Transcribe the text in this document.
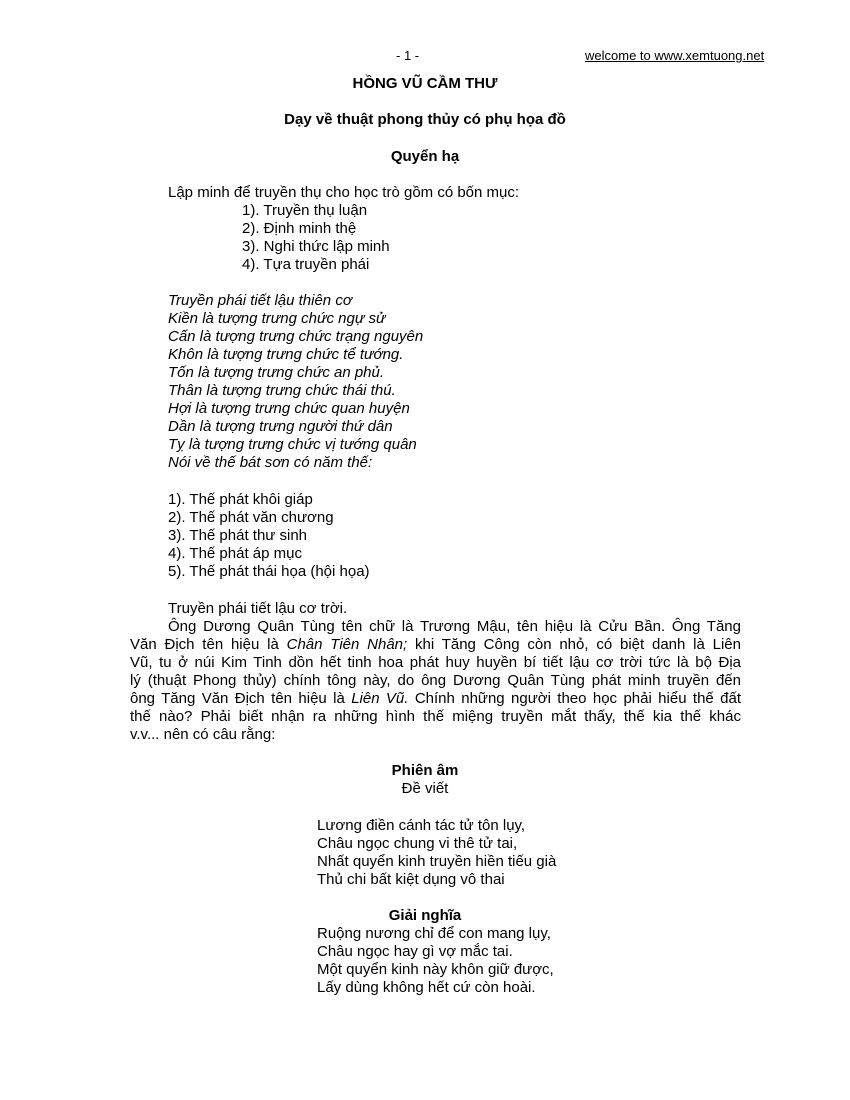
- 1 -	welcome to www.xemtuong.net
HỒNG VŨ CẦM THƯ
Dạy về thuật phong thủy có phụ họa đồ
Quyển hạ
Lập minh để truyền thụ cho học trò gồm có bốn mục:

1). Truyền thụ luận

2). Định minh thệ

3). Nghi thức lập minh

4). Tựa truyền phái

Truyền phái tiết lậu thiên cơ

Kiền là tượng trưng chức ngự sử

Cấn là tượng trưng chức trạng nguyên

Khôn là tượng trưng chức tể tướng.

Tốn là tượng trưng chức an phủ.

Thân là tượng trưng chức thái thú.

Hợi là tượng trưng chức quan huyện

Dần là tượng trưng người thứ dân

Tỵ là tượng trưng chức vị tướng quân

Nói về thế bát sơn có năm thế:

1). Thế phát khôi giáp

2). Thế phát văn chương

3). Thế phát thư sinh

4). Thế phát áp mục

5). Thế phát thái họa (hội họa)

Truyền phái tiết lậu cơ trời.
Ông Dương Quân Tùng tên chữ là Trương Mậu, tên hiệu là Cửu Bần. Ông Tăng
Văn Địch tên hiệu là Chân Tiên Nhân; khi Tăng Công còn nhỏ, có biệt danh là Liên
Vũ, tu ở núi Kim Tinh dồn hết tinh hoa phát huy huyền bí tiết lậu cơ trời tức là bộ Địa
lý (thuật Phong thủy) chính tông này, do ông Dương Quân Tùng phát minh truyền đến
ông Tăng Văn Địch tên hiệu là Liên Vũ. Chính những người theo học phải hiểu thế đất
thế nào? Phải biết nhận ra những hình thế miệng truyền mắt thấy, thế kia thế khác
v.v... nên có câu rằng:
Phiên âm
Đề viết

Lương điền cánh tác tử tôn lụy,

Châu ngọc chung vi thê tử tai,

Nhất quyển kinh truyền hiền tiếu già

Thủ chi bất kiệt dụng vô thai

Giải nghĩa

Ruộng nương chỉ để con mang lụy,

Châu ngọc hay gì vợ mắc tai.

Một quyển kinh này khôn giữ được,

Lấy dùng không hết cứ còn hoài.
